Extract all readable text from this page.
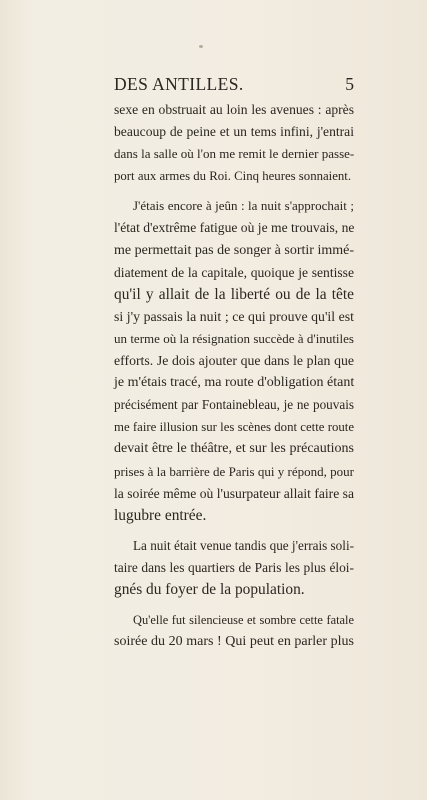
DES ANTILLES.	5
sexe en obstruait au loin les avenues : après
beaucoup de peine et un tems infini, j'entrai
dans la salle où l'on me remit le dernier passe-
port aux armes du Roi. Cinq heures sonnaient.
J'étais encore à jeûn : la nuit s'approchait ;
l'état d'extrême fatigue où je me trouvais, ne
me permettait pas de songer à sortir immé-
diatement de la capitale, quoique je sentisse
qu'il y allait de la liberté ou de la tête
si j'y passais la nuit ; ce qui prouve qu'il est
un terme où la résignation succède à d'inutiles
efforts. Je dois ajouter que dans le plan que
je m'étais tracé, ma route d'obligation étant
précisément par Fontainebleau, je ne pouvais
me faire illusion sur les scènes dont cette route
devait être le théâtre, et sur les précautions
prises à la barrière de Paris qui y répond, pour
la soirée même où l'usurpateur allait faire sa
lugubre entrée.
La nuit était venue tandis que j'errais soli-
taire dans les quartiers de Paris les plus éloi-
gnés du foyer de la population.
Qu'elle fut silencieuse et sombre cette fatale
soirée du 20 mars ! Qui peut en parler plus
